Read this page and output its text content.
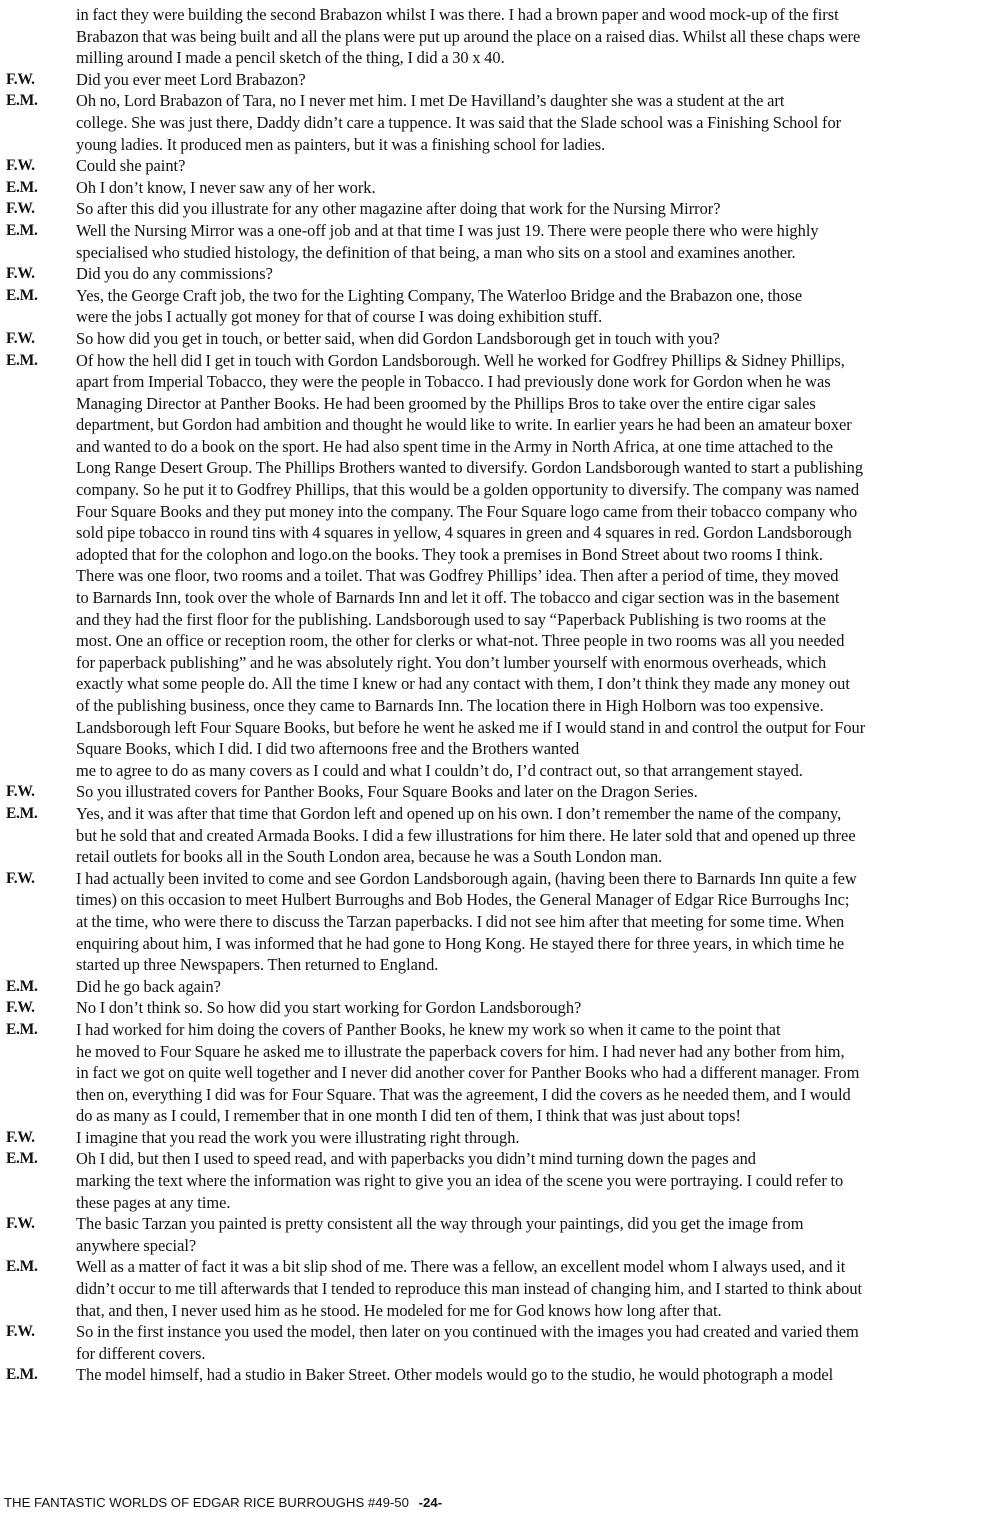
in fact they were building the second Brabazon whilst I was there. I had a brown paper and wood mock-up of the first
Brabazon that was being built and all the plans were put up around the place on a raised dias. Whilst all these chaps were
milling around I made a pencil sketch of the thing, I did a 30 x 40.
F.W.	Did you ever meet Lord Brabazon?
E.M.	Oh no, Lord Brabazon of Tara, no I never met him. I met De Havilland’s daughter she was a student at the art
college. She was just there, Daddy didn’t care a tuppence. It was said that the Slade school was a Finishing School for
young ladies. It produced men as painters, but it was a finishing school for ladies.
F.W.	Could she paint?
E.M.	Oh I don’t know, I never saw any of her work.
F.W.	So after this did you illustrate for any other magazine after doing that work for the Nursing Mirror?
E.M.	Well the Nursing Mirror was a one-off job and at that time I was just 19. There were people there who were highly
specialised who studied histology, the definition of that being, a man who sits on a stool and examines another.
F.W.	Did you do any commissions?
E.M.	Yes, the George Craft job, the two for the Lighting Company, The Waterloo Bridge and the Brabazon one, those
were the jobs I actually got money for that of course I was doing exhibition stuff.
F.W.	So how did you get in touch, or better said, when did Gordon Landsborough get in touch with you?
E.M.	Of how the hell did I get in touch with Gordon Landsborough. Well he worked for Godfrey Phillips & Sidney Phillips,
apart from Imperial Tobacco, they were the people in Tobacco. I had previously done work for Gordon when he was
Managing Director at Panther Books. He had been groomed by the Phillips Bros to take over the entire cigar sales
department, but Gordon had ambition and thought he would like to write. In earlier years he had been an amateur boxer
and wanted to do a book on the sport. He had also spent time in the Army in North Africa, at one time attached to the
Long Range Desert Group. The Phillips Brothers wanted to diversify. Gordon Landsborough wanted to start a publishing
company. So he put it to Godfrey Phillips, that this would be a golden opportunity to diversify. The company was named
Four Square Books and they put money into the company. The Four Square logo came from their tobacco company who
sold pipe tobacco in round tins with 4 squares in yellow, 4 squares in green and 4 squares in red. Gordon Landsborough
adopted that for the colophon and logo.on the books. They took a premises in Bond Street about two rooms I think.
There was one floor, two rooms and a toilet. That was Godfrey Phillips’ idea. Then after a period of time, they moved
to Barnards Inn, took over the whole of Barnards Inn and let it off. The tobacco and cigar section was in the basement
and they had the first floor for the publishing. Landsborough used to say “Paperback Publishing is two rooms at the
most. One an office or reception room, the other for clerks or what-not. Three people in two rooms was all you needed
for paperback publishing” and he was absolutely right. You don’t lumber yourself with enormous overheads, which
exactly what some people do. All the time I knew or had any contact with them, I don’t think they made any money out
of the publishing business, once they came to Barnards Inn. The location there in High Holborn was too expensive.
Landsborough left Four Square Books, but before he went he asked me if I would stand in and control the output for Four
Square Books, which I did. I did two afternoons free and the Brothers wanted
me to agree to do as many covers as I could and what I couldn’t do, I’d contract out, so that arrangement stayed.
F.W.	So you illustrated covers for Panther Books, Four Square Books and later on the Dragon Series.
E.M.	Yes, and it was after that time that Gordon left and opened up on his own. I don’t remember the name of the company,
but he sold that and created Armada Books. I did a few illustrations for him there. He later sold that and opened up three
retail outlets for books all in the South London area, because he was a South London man.
F.W.	I had actually been invited to come and see Gordon Landsborough again, (having been there to Barnards Inn quite a few
times) on this occasion to meet Hulbert Burroughs and Bob Hodes, the General Manager of Edgar Rice Burroughs Inc;
at the time, who were there to discuss the Tarzan paperbacks. I did not see him after that meeting for some time. When
enquiring about him, I was informed that he had gone to Hong Kong. He stayed there for three years, in which time he
started up three Newspapers. Then returned to England.
E.M.	Did he go back again?
F.W.	No I don’t think so. So how did you start working for Gordon Landsborough?
E.M.	I had worked for him doing the covers of Panther Books, he knew my work so when it came to the point that
he moved to Four Square he asked me to illustrate the paperback covers for him. I had never had any bother from him,
in fact we got on quite well together and I never did another cover for Panther Books who had a different manager. From
then on, everything I did was for Four Square. That was the agreement, I did the covers as he needed them, and I would
do as many as I could, I remember that in one month I did ten of them, I think that was just about tops!
F.W.	I imagine that you read the work you were illustrating right through.
E.M.	Oh I did, but then I used to speed read, and with paperbacks you didn’t mind turning down the pages and
marking the text where the information was right to give you an idea of the scene you were portraying. I could refer to
these pages at any time.
F.W.	The basic Tarzan you painted is pretty consistent all the way through your paintings, did you get the image from
anywhere special?
E.M.	Well as a matter of fact it was a bit slip shod of me. There was a fellow, an excellent model whom I always used, and it
didn’t occur to me till afterwards that I tended to reproduce this man instead of changing him, and I started to think about
that, and then, I never used him as he stood. He modeled for me for God knows how long after that.
F.W.	So in the first instance you used the model, then later on you continued with the images you had created and varied them
for different covers.
E.M.	The model himself, had a studio in Baker Street. Other models would go to the studio, he would photograph a model
THE FANTASTIC WORLDS OF EDGAR RICE BURROUGHS #49-50 -24-
